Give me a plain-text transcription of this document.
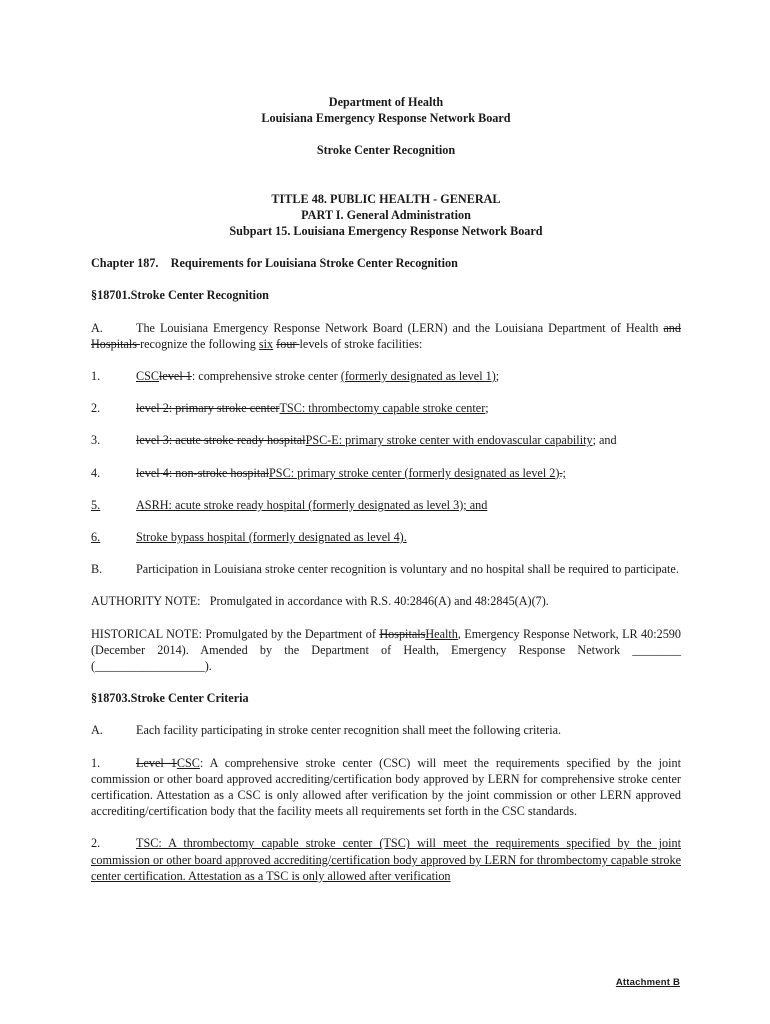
Department of Health
Louisiana Emergency Response Network Board
Stroke Center Recognition
TITLE 48. PUBLIC HEALTH - GENERAL
PART I. General Administration
Subpart 15. Louisiana Emergency Response Network Board

Chapter 187.    Requirements for Louisiana Stroke Center Recognition

§18701.Stroke Center Recognition

A.	The Louisiana Emergency Response Network Board (LERN) and the Louisiana Department of Health and Hospitals recognize the following six four levels of stroke facilities:

1.	CSClevel 1: comprehensive stroke center (formerly designated as level 1);
2.	level 2: primary stroke centerTSC: thrombectomy capable stroke center;
3.	level 3: acute stroke ready hospitalPSC-E: primary stroke center with endovascular capability; and
4.	level 4: non-stroke hospitalPSC: primary stroke center (formerly designated as level 2).;
5.	ASRH: acute stroke ready hospital (formerly designated as level 3); and
6.	Stroke bypass hospital (formerly designated as level 4).

B.	Participation in Louisiana stroke center recognition is voluntary and no hospital shall be required to participate.

AUTHORITY NOTE:   Promulgated in accordance with R.S. 40:2846(A) and 48:2845(A)(7).

HISTORICAL NOTE: Promulgated by the Department of HospitalsHealth, Emergency Response Network, LR 40:2590 (December 2014). Amended by the Department of Health, Emergency Response Network ________ (__________________).

§18703.Stroke Center Criteria

A.	Each facility participating in stroke center recognition shall meet the following criteria.

1.	Level 1CSC: A comprehensive stroke center (CSC) will meet the requirements specified by the joint commission or other board approved accrediting/certification body approved by LERN for comprehensive stroke center certification. Attestation as a CSC is only allowed after verification by the joint commission or other LERN approved accrediting/certification body that the facility meets all requirements set forth in the CSC standards.

2.	TSC: A thrombectomy capable stroke center (TSC) will meet the requirements specified by the joint commission or other board approved accrediting/certification body approved by LERN for thrombectomy capable stroke center certification. Attestation as a TSC is only allowed after verification

Attachment B
